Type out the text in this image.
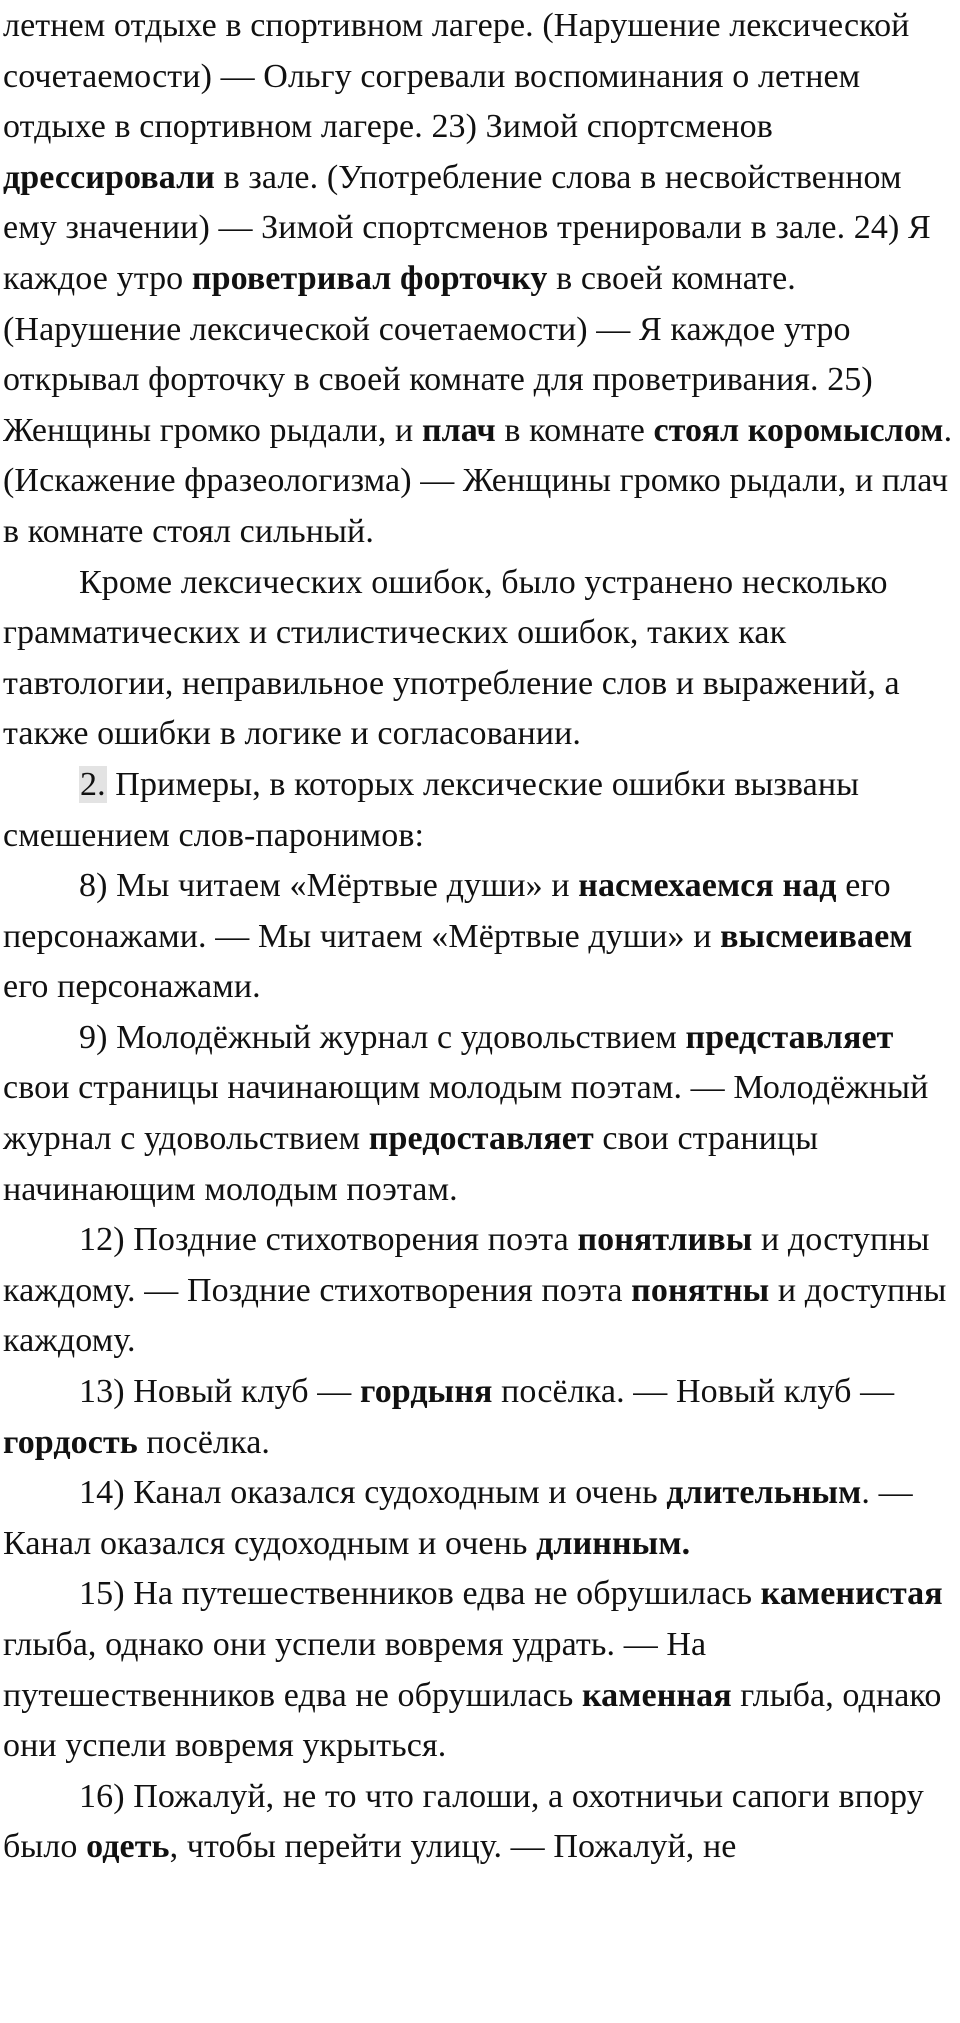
летнем отдыхе в спортивном лагере. (Нарушение лексической сочетаемости) — Ольгу согревали воспоминания о летнем отдыхе в спортивном лагере. 23) Зимой спортсменов дрессировали в зале. (Употребление слова в несвойственном ему значении) — Зимой спортсменов тренировали в зале. 24) Я каждое утро проветривал форточку в своей комнате. (Нарушение лексической сочетаемости) — Я каждое утро открывал форточку в своей комнате для проветривания. 25) Женщины громко рыдали, и плач в комнате стоял коромыслом. (Искажение фразеологизма) — Женщины громко рыдали, и плач в комнате стоял сильный.

Кроме лексических ошибок, было устранено несколько грамматических и стилистических ошибок, таких как тавтологии, неправильное употребление слов и выражений, а также ошибки в логике и согласовании.

2. Примеры, в которых лексические ошибки вызваны смешением слов-паронимов:

8) Мы читаем «Мёртвые души» и насмехаемся над его персонажами. — Мы читаем «Мёртвые души» и высмеиваем его персонажами.

9) Молодёжный журнал с удовольствием представляет свои страницы начинающим молодым поэтам. — Молодёжный журнал с удовольствием предоставляет свои страницы начинающим молодым поэтам.

12) Поздние стихотворения поэта понятливы и доступны каждому. — Поздние стихотворения поэта понятны и доступны каждому.

13) Новый клуб — гордыня посёлка. — Новый клуб — гордость посёлка.

14) Канал оказался судоходным и очень длительным. — Канал оказался судоходным и очень длинным.

15) На путешественников едва не обрушилась каменистая глыба, однако они успели вовремя удрать. — На путешественников едва не обрушилась каменная глыба, однако они успели вовремя укрыться.

16) Пожалуй, не то что галоши, а охотничьи сапоги впору было одеть, чтобы перейти улицу. — Пожалуй, не
